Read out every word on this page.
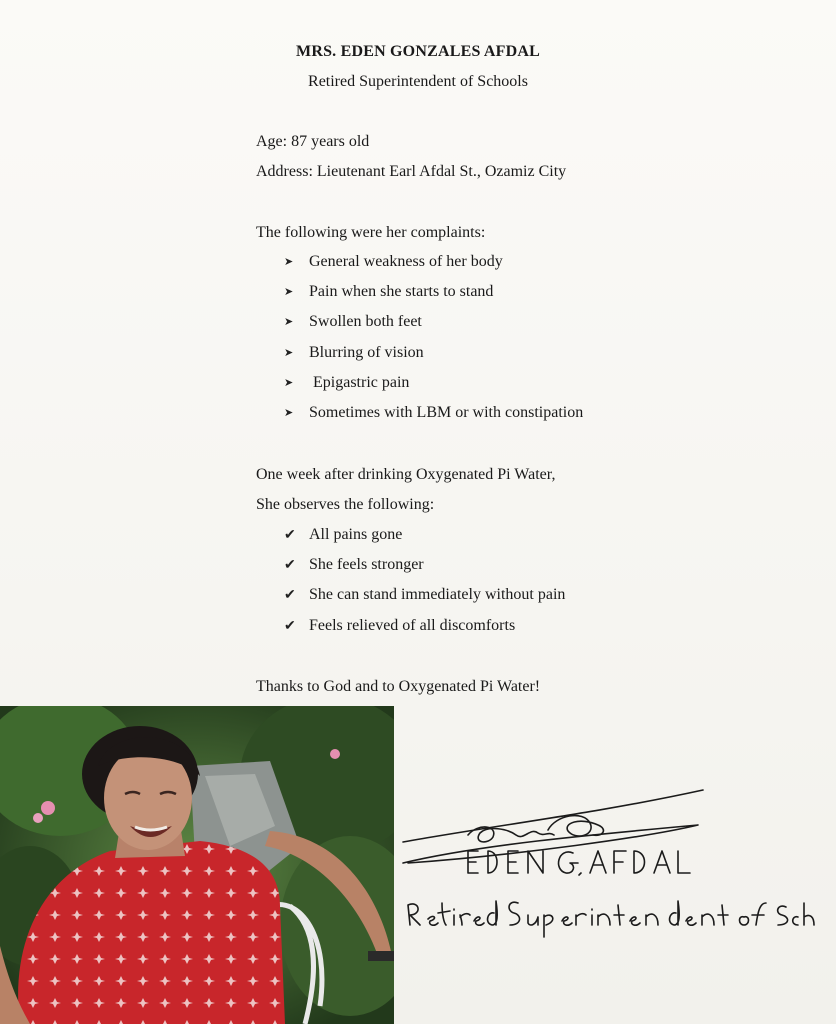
MRS. EDEN GONZALES AFDAL
Retired Superintendent of Schools
Age: 87 years old
Address: Lieutenant Earl Afdal St., Ozamiz City
The following were her complaints:
➤ General weakness of her body
➤ Pain when she starts to stand
➤ Swollen both feet
➤ Blurring of vision
➤ Epigastric pain
➤ Sometimes with LBM or with constipation
One week after drinking Oxygenated Pi Water,
She observes the following:
✔ All pains gone
✔ She feels stronger
✔ She can stand immediately without pain
✔ Feels relieved of all discomforts
Thanks to God and to Oxygenated Pi Water!
